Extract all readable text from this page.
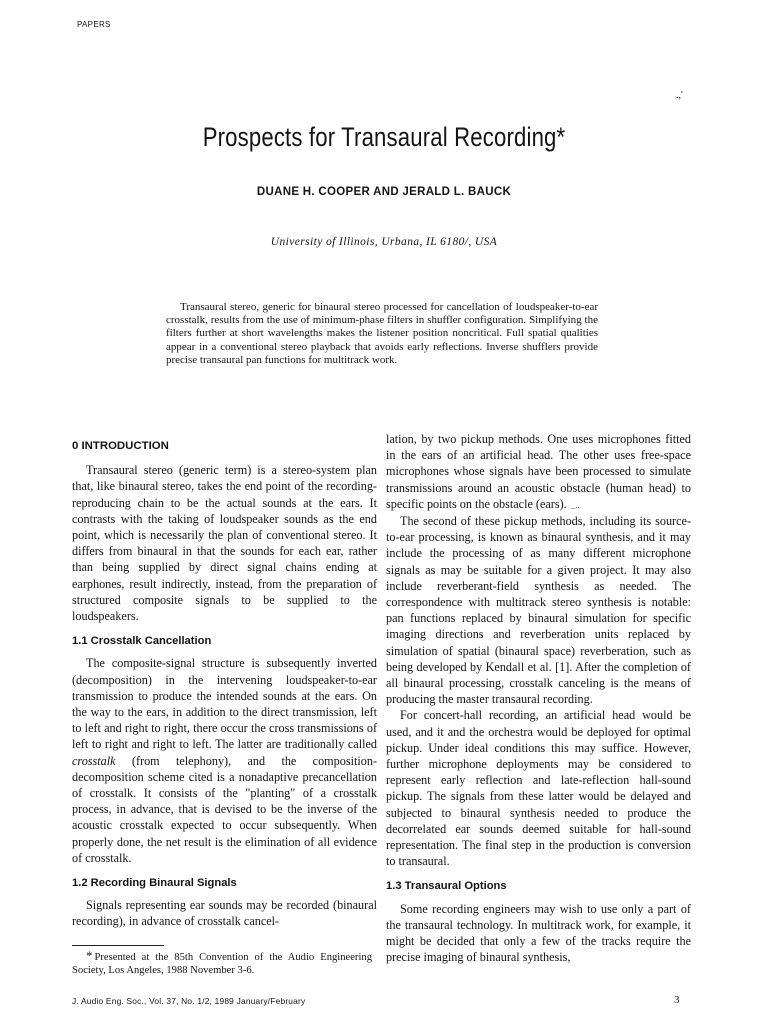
PAPERS
.,'
Prospects for Transaural Recording*
DUANE H. COOPER AND JERALD L. BAUCK
University of Illinois, Urbana, IL 6180/, USA
Transaural stereo, generic for binaural stereo processed for cancellation of loudspeaker-to-ear crosstalk, results from the use of minimum-phase filters in shuffler configuration. Simplifying the filters further at short wavelengths makes the listener position noncritical. Full spatial qualities appear in a conventional stereo playback that avoids early reflections. Inverse shufflers provide precise transaural pan functions for multitrack work.
0 INTRODUCTION

Transaural stereo (generic term) is a stereo-system plan that, like binaural stereo, takes the end point of the recording-reproducing chain to be the actual sounds at the ears. It contrasts with the taking of loudspeaker sounds as the end point, which is necessarily the plan of conventional stereo. It differs from binaural in that the sounds for each ear, rather than being supplied by direct signal chains ending at earphones, result indirectly, instead, from the preparation of structured composite signals to be supplied to the loudspeakers.

1.1 Crosstalk Cancellation

The composite-signal structure is subsequently inverted (decomposition) in the intervening loudspeaker-to-ear transmission to produce the intended sounds at the ears. On the way to the ears, in addition to the direct transmission, left to left and right to right, there occur the cross transmissions of left to right and right to left. The latter are traditionally called crosstalk (from telephony), and the composition-decomposition scheme cited is a nonadaptive precancellation of crosstalk. It consists of the "planting" of a crosstalk process, in advance, that is devised to be the inverse of the acoustic crosstalk expected to occur subsequently. When properly done, the net result is the elimination of all evidence of crosstalk.

1.2 Recording Binaural Signals

Signals representing ear sounds may be recorded (binaural recording), in advance of crosstalk cancel-

lation, by two pickup methods. One uses microphones fitted in the ears of an artificial head. The other uses free-space microphones whose signals have been processed to simulate transmissions around an acoustic obstacle (human head) to specific points on the obstacle (ears). _..

The second of these pickup methods, including its source-to-ear processing, is known as binaural synthesis, and it may include the processing of as many different microphone signals as may be suitable for a given project. It may also include reverberant-field synthesis as needed. The correspondence with multitrack stereo synthesis is notable: pan functions replaced by binaural simulation for specific imaging directions and reverberation units replaced by simulation of spatial (binaural space) reverberation, such as being developed by Kendall et al. [1]. After the completion of all binaural processing, crosstalk canceling is the means of producing the master transaural recording.

For concert-hall recording, an artificial head would be used, and it and the orchestra would be deployed for optimal pickup. Under ideal conditions this may suffice. However, further microphone deployments may be considered to represent early reflection and late-reflection hall-sound pickup. The signals from these latter would be delayed and subjected to binaural synthesis needed to produce the decorrelated ear sounds deemed suitable for hall-sound representation. The final step in the production is conversion to transaural.

1.3 Transaural Options

Some recording engineers may wish to use only a part of the transaural technology. In multitrack work, for example, it might be decided that only a few of the tracks require the precise imaging of binaural synthesis,

* Presented at the 85th Convention of the Audio Engineering Society, Los Angeles, 1988 November 3-6.
J. Audio Eng. Soc., Vol. 37, No. 1/2, 1989 January/February	3
